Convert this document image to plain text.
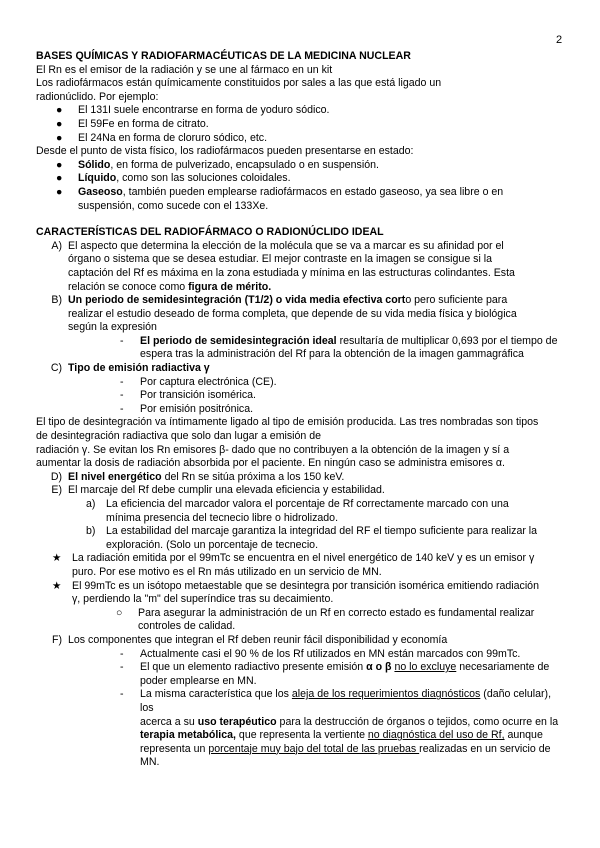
2

BASES QUÍMICAS Y RADIOFARMACÉUTICAS DE LA MEDICINA NUCLEAR

El Rn es el emisor de la radiación y se une al fármaco en un kit

Los radiofármacos están químicamente constituidos por sales a las que está ligado un

radionúclido. Por ejemplo:

●	El 131I suele encontrarse en forma de yoduro sódico.
●	El 59Fe en forma de citrato.
●	El 24Na en forma de cloruro sódico, etc.

Desde el punto de vista físico, los radiofármacos pueden presentarse en estado:

●	Sólido, en forma de pulverizado, encapsulado o en suspensión.
●	Líquido, como son las soluciones coloidales.
●	Gaseoso, también pueden emplearse radiofármacos en estado gaseoso, ya sea libre o en
suspensión, como sucede con el 133Xe.

CARACTERÍSTICAS DEL RADIOFÁRMACO O RADIONÚCLIDO IDEAL

A) El aspecto que determina la elección de la molécula que se va a marcar es su afinidad por el
órgano o sistema que se desea estudiar. El mejor contraste en la imagen se consigue si la
captación del Rf es máxima en la zona estudiada y mínima en las estructuras colindantes. Esta
relación se conoce como figura de mérito.
B) Un periodo de semidesintegración (T1/2) o vida media efectiva corto pero suficiente para
realizar el estudio deseado de forma completa, que depende de su vida media física y biológica
según la expresión
-	El periodo de semidesintegración ideal resultaría de multiplicar 0,693 por el tiempo de
espera tras la administración del Rf para la obtención de la imagen gammagráfica
C) Tipo de emisión radiactiva γ
-	Por captura electrónica (CE).
-	Por transición isomérica.
-	Por emisión positrónica.

El tipo de desintegración va íntimamente ligado al tipo de emisión producida. Las tres nombradas son tipos

de desintegración radiactiva que solo dan lugar a emisión de

radiación γ. Se evitan los Rn emisores β- dado que no contribuyen a la obtención de la imagen y sí a

aumentar la dosis de radiación absorbida por el paciente. En ningún caso se administra emisores α.

D) El nivel energético del Rn se sitúa próxima a los 150 keV.
E) El marcaje del Rf debe cumplir una elevada eficiencia y estabilidad.
a) La eficiencia del marcador valora el porcentaje de Rf correctamente marcado con una
mínima presencia del tecnecio libre o hidrolizado.
b) La estabilidad del marcaje garantiza la integridad del RF el tiempo suficiente para realizar la
exploración. (Solo un porcentaje de tecnecio.
★ La radiación emitida por el 99mTc se encuentra en el nivel energético de 140 keV y es un emisor γ
puro. Por ese motivo es el Rn más utilizado en un servicio de MN.
★ El 99mTc es un isótopo metaestable que se desintegra por transición isomérica emitiendo radiación
γ, perdiendo la "m" del superíndice tras su decaimiento.
○	Para asegurar la administración de un Rf en correcto estado es fundamental realizar
controles de calidad.
F) Los componentes que integran el Rf deben reunir fácil disponibilidad y economía
-	Actualmente casi el 90 % de los Rf utilizados en MN están marcados con 99mTc.
-	El que un elemento radiactivo presente emisión α o β no lo excluye necesariamente de
poder emplearse en MN.
-	La misma característica que los aleja de los requerimientos diagnósticos (daño celular), los
acerca a su uso terapéutico para la destrucción de órganos o tejidos, como ocurre en la
terapia metabólica, que representa la vertiente no diagnóstica del uso de Rf, aunque
representa un porcentaje muy bajo del total de las pruebas realizadas en un servicio de MN.
